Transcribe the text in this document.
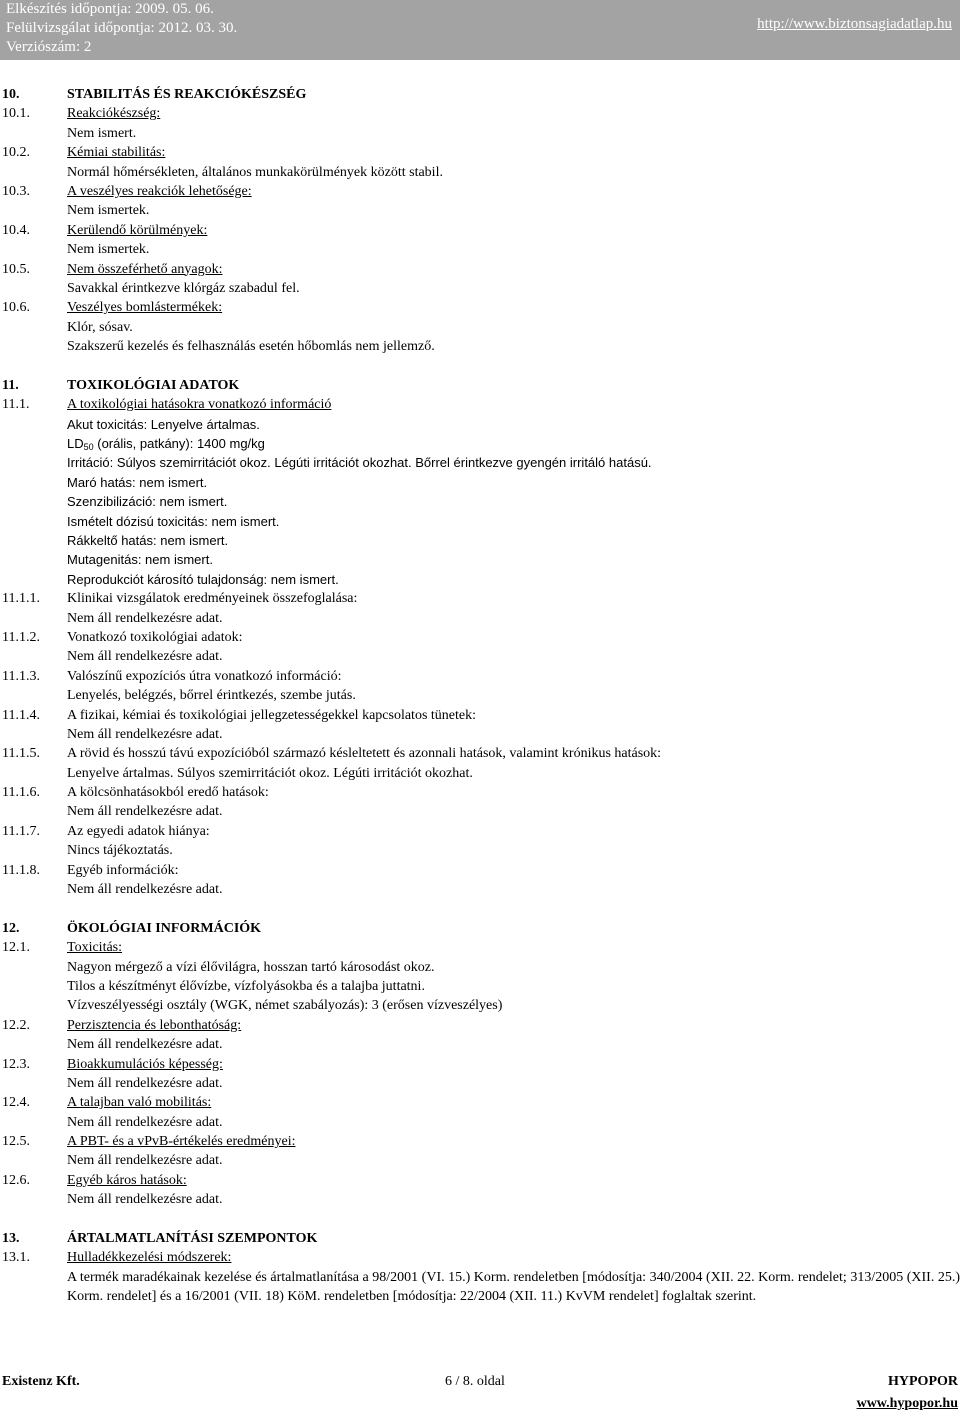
Elkészítés időpontja: 2009. 05. 06.
Felülvizsgálat időpontja: 2012. 03. 30.
Verziószám: 2
http://www.biztonsagiadatlap.hu
10.	STABILITÁS ÉS REAKCIÓKÉSZSÉG
10.1.	Reakciókészség:
Nem ismert.
10.2.	Kémiai stabilitás:
Normál hőmérsékleten, általános munkakörülmények között stabil.
10.3.	A veszélyes reakciók lehetősége:
Nem ismertek.
10.4.	Kerülendő körülmények:
Nem ismertek.
10.5.	Nem összeférhető anyagok:
Savakkal érintkezve klórgáz szabadul fel.
10.6.	Veszélyes bomlástermékek:
Klór, sósav.
Szakszerű kezelés és felhasználás esetén hőbomlás nem jellemző.
11.	TOXIKOLÓGIAI ADATOK
11.1.	A toxikológiai hatásokra vonatkozó információ
Akut toxicitás: Lenyelve ártalmas.
$LD_{50}$ (orális, patkány): 1400 mg/kg
Irritáció: Súlyos szemirritációt okoz. Légúti irritációt okozhat. Bőrrel érintkezve gyengén irritáló hatású.
Maró hatás: nem ismert.
Szenzibilizáció: nem ismert.
Ismételt dózisú toxicitás: nem ismert.
Rákkeltő hatás: nem ismert.
Mutagenitás: nem ismert.
Reprodukciót károsító tulajdonság: nem ismert.
11.1.1. Klinikai vizsgálatok eredményeinek összefoglalása:
Nem áll rendelkezésre adat.
11.1.2. Vonatkozó toxikológiai adatok:
Nem áll rendelkezésre adat.
11.1.3. Valószínű expozíciós útra vonatkozó információ:
Lenyelés, belégzés, bőrrel érintkezés, szembe jutás.
11.1.4. A fizikai, kémiai és toxikológiai jellegzetességekkel kapcsolatos tünetek:
Nem áll rendelkezésre adat.
11.1.5. A rövid és hosszú távú expozícióból származó késleltetett és azonnali hatások, valamint krónikus hatások:
Lenyelve ártalmas. Súlyos szemirritációt okoz. Légúti irritációt okozhat.
11.1.6. A kölcsönhatásokból eredő hatások:
Nem áll rendelkezésre adat.
11.1.7. Az egyedi adatok hiánya:
Nincs tájékoztatás.
11.1.8. Egyéb információk:
Nem áll rendelkezésre adat.
12.	ÖKOLÓGIAI INFORMÁCIÓK
12.1.	Toxicitás:
Nagyon mérgező a vízi élővilágra, hosszan tartó károsodást okoz.
Tilos a készítményt élővízbe, vízfolyásokba és a talajba juttatni.
Vízveszélyességi osztály (WGK, német szabályozás): 3 (erősen vízveszélyes)
12.2.	Perzisztencia és lebonthatóság:
Nem áll rendelkezésre adat.
12.3.	Bioakkumulációs képesség:
Nem áll rendelkezésre adat.
12.4.	A talajban való mobilitás:
Nem áll rendelkezésre adat.
12.5.	A PBT- és a vPvB-értékelés eredményei:
Nem áll rendelkezésre adat.
12.6.	Egyéb káros hatások:
Nem áll rendelkezésre adat.
13.	ÁRTALMATLANÍTÁSI SZEMPONTOK
13.1.	Hulladékkezelési módszerek:
A termék maradékainak kezelése és ártalmatlanítása a 98/2001 (VI. 15.) Korm. rendeletben [módosítja: 340/2004 (XII. 22. Korm. rendelet; 313/2005 (XII. 25.) Korm. rendelet] és a 16/2001 (VII. 18) KöM. rendeletben [módosítja: 22/2004 (XII. 11.) KvVM rendelet] foglaltak szerint.
Existenz Kft.	6 / 8. oldal	HYPOPOR
www.hypopor.hu
